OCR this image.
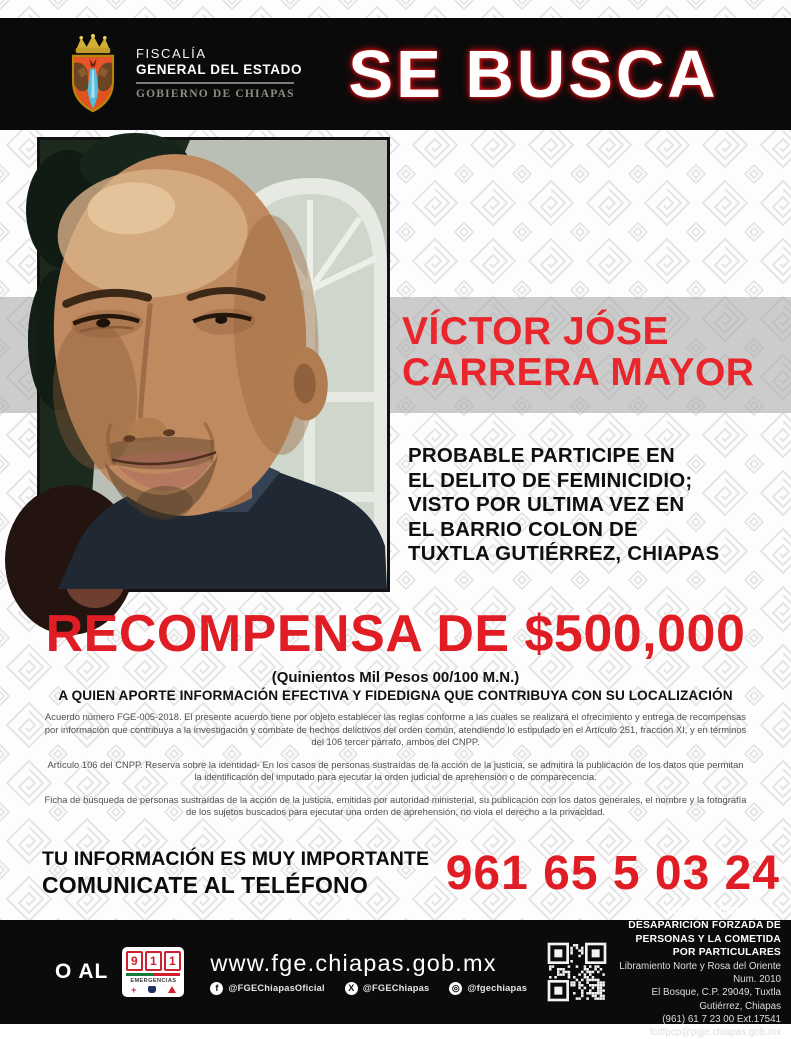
FISCALÍA
GENERAL DEL ESTADO
GOBIERNO DE CHIAPAS SE BUSCA
VÍCTOR JÓSE
CARRERA MAYOR
PROBABLE PARTICIPE EN
EL DELITO DE FEMINICIDIO;
VISTO POR ULTIMA VEZ EN
EL BARRIO COLON DE
TUXTLA GUTIÉRREZ, CHIAPAS
RECOMPENSA DE $500,000
(Quinientos Mil Pesos 00/100 M.N.)
A QUIEN APORTE INFORMACIÓN EFECTIVA Y FIDEDIGNA QUE CONTRIBUYA CON SU LOCALIZACIÓN

Acuerdo número FGE-005-2018. El presente acuerdo tiene por objeto establecer las reglas conforme a las cuales se realizará el ofrecimiento y entrega de recompensas por información que contribuya a la investigación y combate de hechos delictivos del orden común, atendiendo lo estipulado en el Artículo 251, fracción XI, y en términos del 106 tercer párrafo, ambos del CNPP.

Artículo 106 del CNPP. Reserva sobre la identidad- En los casos de personas sustraídas de la acción de la justicia, se admitirá la publicación de los datos que permitan la identificación del imputado para ejecutar la orden judicial de aprehensión o de comparecencia.

Ficha de búsqueda de personas sustraídas de la acción de la justicia, emitidas por autoridad ministerial, su publicación con los datos generales, el nombre y la fotografía de los sujetos buscados para ejecutar una orden de aprehensión, no viola el derecho a la privacidad.

TU INFORMACIÓN ES MUY IMPORTANTE
COMUNICATE AL TELÉFONO	961 65 5 03 24
O AL	9	1	1
EMERGENCIAS
+
www.fge.chiapas.gob.mx
f	@FGEChiapasOficial	X @FGEChiapas	◎ @fgechiapas
FISCALÍA CONTRA LA DESAPARICIÓN FORZADA DE
PERSONAS Y LA COMETIDA POR PARTICULARES
Libramiento Norte y Rosa del Oriente Num. 2010
El Bosque, C.P. 29049, Tuxtla Gutiérrez, Chiapas
(961) 61 7 23 00 Ext.17541
fcdfpcp@pgje.chiapas.gob.mx
